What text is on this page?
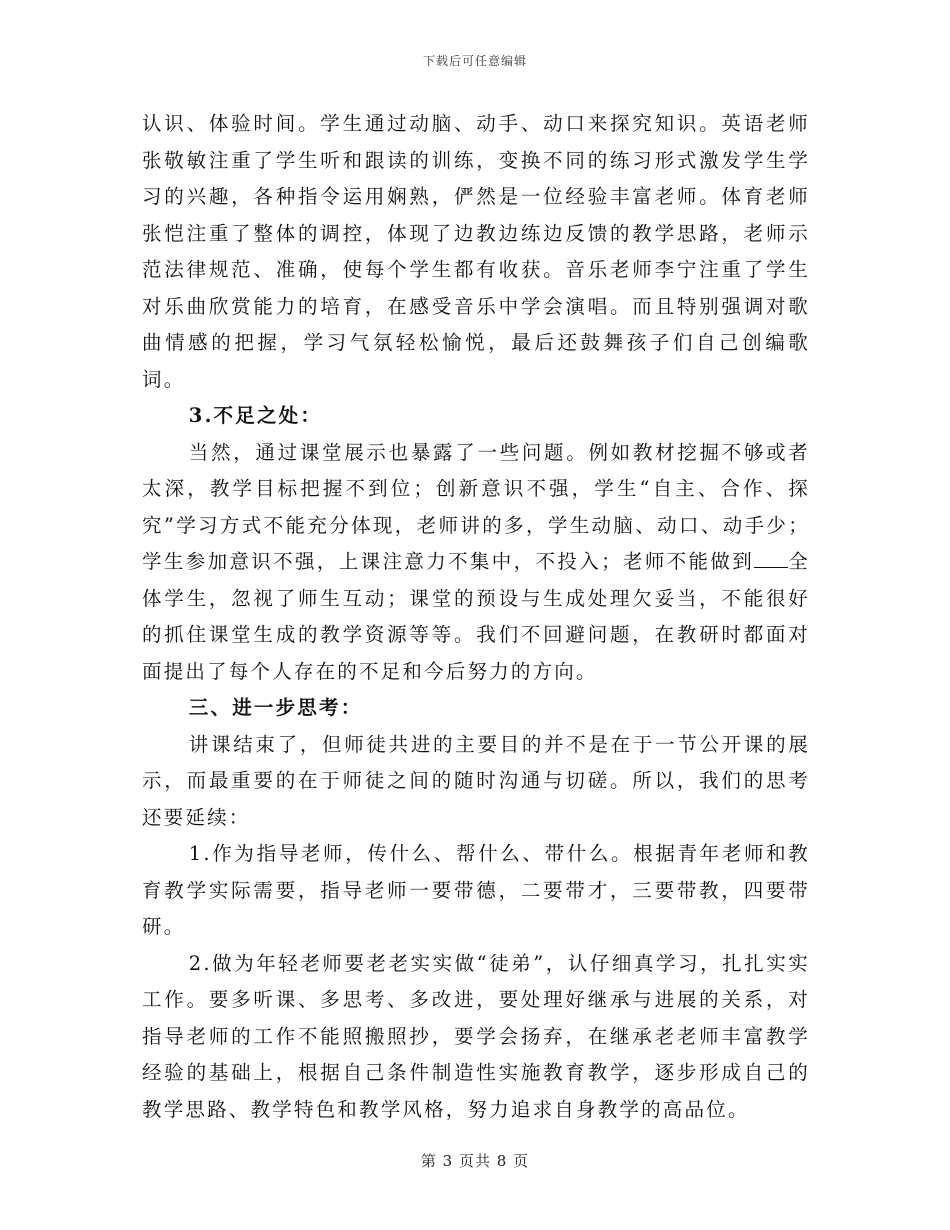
下载后可任意编辑

认识、体验时间。学生通过动脑、动手、动口来探究知识。英语老师张敬敏注重了学生听和跟读的训练，变换不同的练习形式激发学生学习的兴趣，各种指令运用娴熟，俨然是一位经验丰富老师。体育老师张恺注重了整体的调控，体现了边教边练边反馈的教学思路，老师示范法律规范、准确，使每个学生都有收获。音乐老师李宁注重了学生对乐曲欣赏能力的培育，在感受音乐中学会演唱。而且特别强调对歌曲情感的把握，学习气氛轻松愉悦，最后还鼓舞孩子们自己创编歌词。

3.不足之处：

当然，通过课堂展示也暴露了一些问题。例如教材挖掘不够或者太深，教学目标把握不到位；创新意识不强，学生“自主、合作、探究”学习方式不能充分体现，老师讲的多，学生动脑、动口、动手少；学生参加意识不强，上课注意力不集中，不投入；老师不能做到 全体学生，忽视了师生互动；课堂的预设与生成处理欠妥当，不能很好的抓住课堂生成的教学资源等等。我们不回避问题，在教研时都面对面提出了每个人存在的不足和今后努力的方向。

三、进一步思考：

讲课结束了，但师徒共进的主要目的并不是在于一节公开课的展示，而最重要的在于师徒之间的随时沟通与切磋。所以，我们的思考还要延续：

1.作为指导老师，传什么、帮什么、带什么。根据青年老师和教育教学实际需要，指导老师一要带德，二要带才，三要带教，四要带研。

2.做为年轻老师要老老实实做“徒弟”，认仔细真学习，扎扎实实工作。要多听课、多思考、多改进，要处理好继承与进展的关系，对指导老师的工作不能照搬照抄，要学会扬弃，在继承老老师丰富教学经验的基础上，根据自己条件制造性实施教育教学，逐步形成自己的教学思路、教学特色和教学风格，努力追求自身教学的高品位。

第 3 页共 8 页
